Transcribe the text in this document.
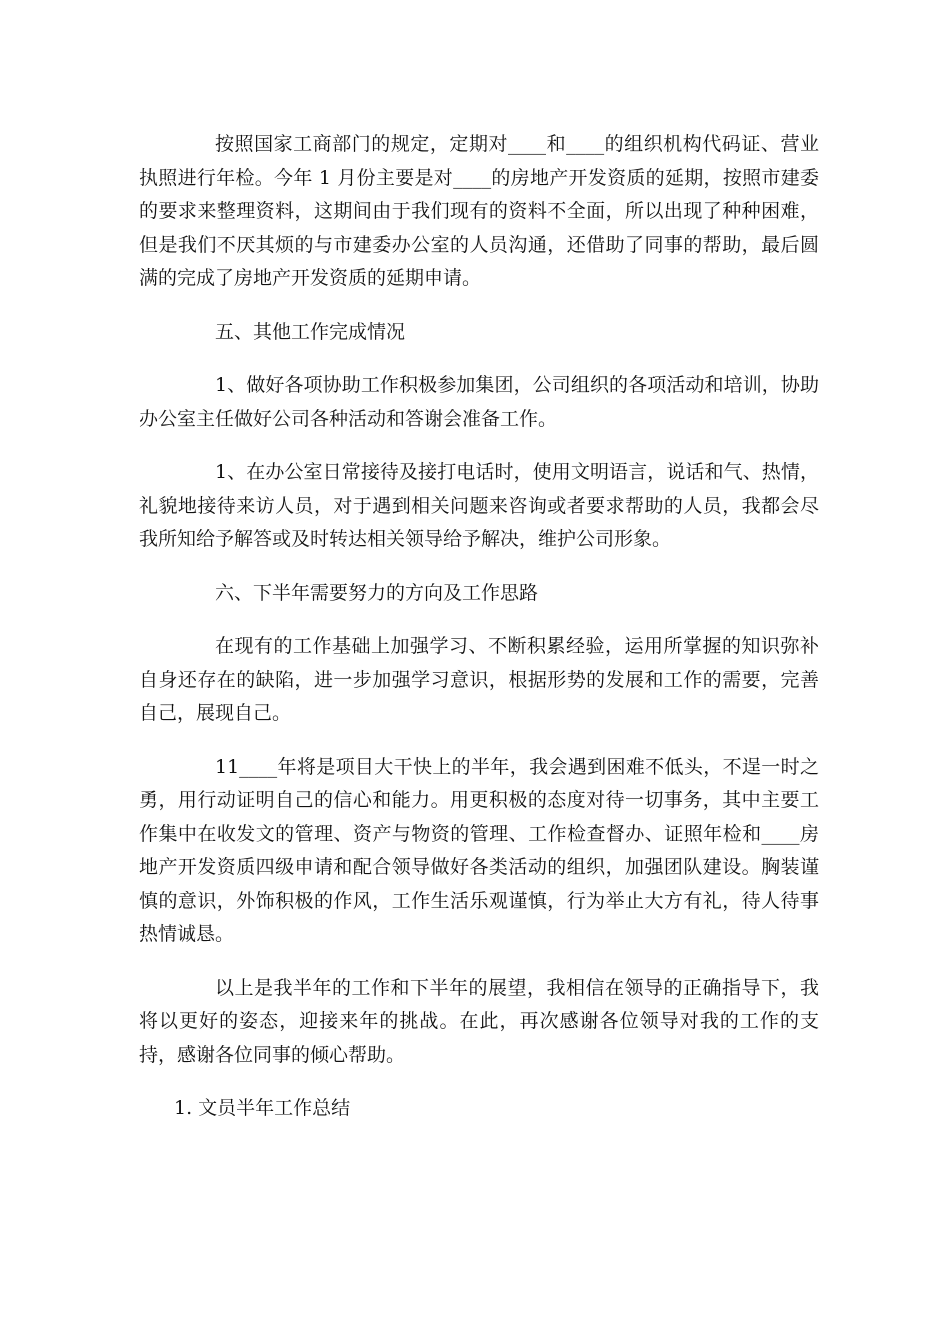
按照国家工商部门的规定，定期对____和____的组织机构代码证、营业执照进行年检。今年 1 月份主要是对____的房地产开发资质的延期，按照市建委的要求来整理资料，这期间由于我们现有的资料不全面，所以出现了种种困难，但是我们不厌其烦的与市建委办公室的人员沟通，还借助了同事的帮助，最后圆满的完成了房地产开发资质的延期申请。

五、其他工作完成情况

1、做好各项协助工作积极参加集团，公司组织的各项活动和培训，协助办公室主任做好公司各种活动和答谢会准备工作。

1、在办公室日常接待及接打电话时，使用文明语言，说话和气、热情，礼貌地接待来访人员，对于遇到相关问题来咨询或者要求帮助的人员，我都会尽我所知给予解答或及时转达相关领导给予解决，维护公司形象。

六、下半年需要努力的方向及工作思路

在现有的工作基础上加强学习、不断积累经验，运用所掌握的知识弥补自身还存在的缺陷，进一步加强学习意识，根据形势的发展和工作的需要，完善自己，展现自己。

11____年将是项目大干快上的半年，我会遇到困难不低头，不逞一时之勇，用行动证明自己的信心和能力。用更积极的态度对待一切事务，其中主要工作集中在收发文的管理、资产与物资的管理、工作检查督办、证照年检和____房地产开发资质四级申请和配合领导做好各类活动的组织，加强团队建设。胸装谨慎的意识，外饰积极的作风，工作生活乐观谨慎，行为举止大方有礼，待人待事热情诚恳。

以上是我半年的工作和下半年的展望，我相信在领导的正确指导下，我将以更好的姿态，迎接来年的挑战。在此，再次感谢各位领导对我的工作的支持，感谢各位同事的倾心帮助。

1. 文员半年工作总结
